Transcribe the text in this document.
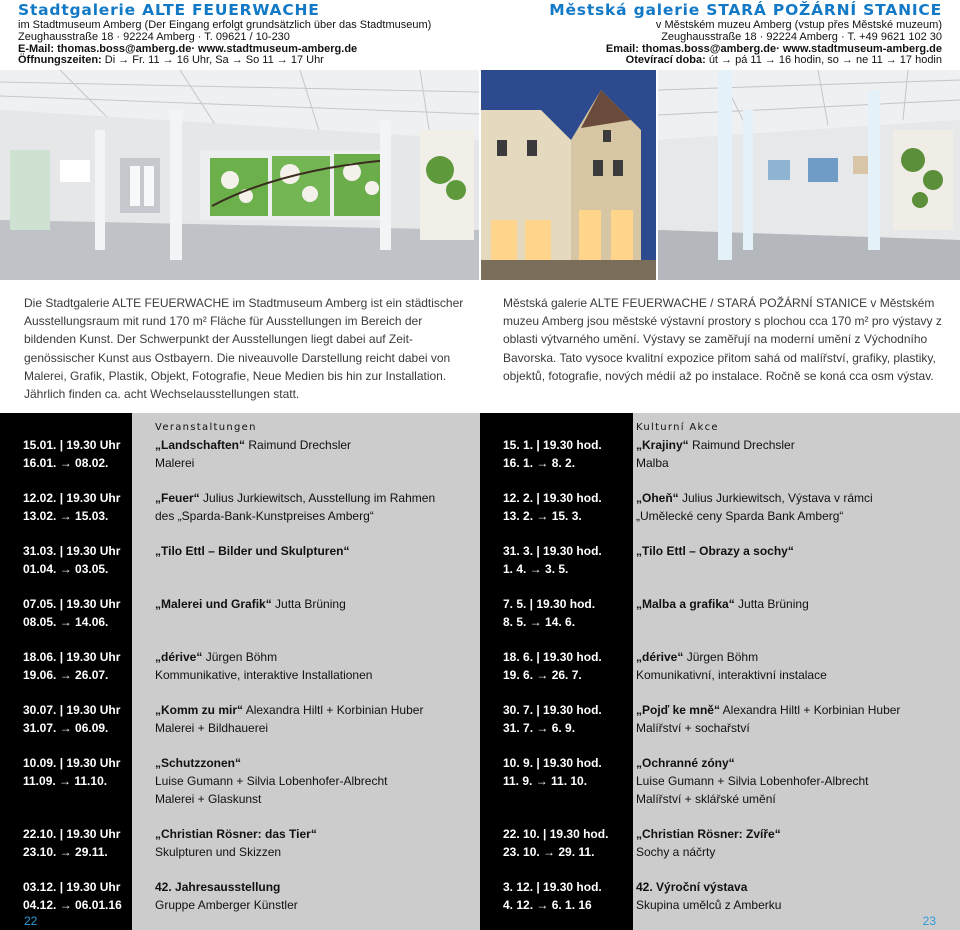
Stadtgalerie ALTE FEUERWACHE
im Stadtmuseum Amberg (Der Eingang erfolgt grundsätzlich über das Stadtmuseum)
Zeughausstraße 18 · 92224 Amberg · T. 09621 / 10-230
E-Mail: thomas.boss@amberg.de· www.stadtmuseum-amberg.de
Öffnungszeiten: Di → Fr. 11 → 16 Uhr, Sa → So 11 → 17 Uhr
Městská galerie STARÁ POŽÁRNÍ STANICE
v Městském muzeu Amberg (vstup přes Městské muzeum)
Zeughausstraße 18 · 92224 Amberg · T. +49 9621 102 30
Email: thomas.boss@amberg.de· www.stadtmuseum-amberg.de
Otevírací doba: út → pá 11 → 16 hodin, so → ne 11 → 17 hodin
Die Stadtgalerie ALTE FEUERWACHE im Stadtmuseum Amberg ist ein städtischer Ausstellungsraum mit rund 170 m² Fläche für Ausstellungen im Bereich der bildenden Kunst. Der Schwerpunkt der Ausstellungen liegt dabei auf Zeitgenössischer Kunst aus Ostbayern. Die niveauvolle Darstellung reicht dabei von Malerei, Grafik, Plastik, Objekt, Fotografie, Neue Medien bis hin zur Installation. Jährlich finden ca. acht Wechselausstellungen statt.
Městská galerie ALTE FEUERWACHE / STARÁ POŽÁRNÍ STANICE v Městském muzeu Amberg jsou městské výstavní prostory s plochou cca 170 m² pro výstavy z oblasti výtvarného umění. Výstavy se zaměřují na moderní umění z Východního Bavorska. Tato vysoce kvalitní expozice přitom sahá od malířství, grafiky, plastiky, objektů, fotografie, nových médií až po instalace. Ročně se koná cca osm výstav.
Veranstaltungen
15.01. | 19.30 Uhr	„Landschaften“ Raimund Drechsler
16.01. → 08.02.	Malerei
12.02. | 19.30 Uhr	„Feuer“ Julius Jurkiewitsch, Ausstellung im Rahmen
13.02. → 15.03.	des „Sparda-Bank-Kunstpreises Amberg“
31.03. | 19.30 Uhr	„Tilo Ettl – Bilder und Skulpturen“
01.04. → 03.05.
07.05. | 19.30 Uhr	„Malerei und Grafik“ Jutta Brüning
08.05. → 14.06.
18.06. | 19.30 Uhr	„dérive“ Jürgen Böhm
19.06. → 26.07.	Kommunikative, interaktive Installationen
30.07. | 19.30 Uhr	„Komm zu mir“ Alexandra Hiltl + Korbinian Huber
31.07. → 06.09.	Malerei + Bildhauerei
10.09. | 19.30 Uhr	„Schutzzonen“
11.09. → 11.10.	Luise Gumann + Silvia Lobenhofer-Albrecht
Malerei + Glaskunst
22.10. | 19.30 Uhr	„Christian Rösner: das Tier“
23.10. → 29.11.	Skulpturen und Skizzen
03.12. | 19.30 Uhr	42. Jahresausstellung
04.12. → 06.01.16	Gruppe Amberger Künstler
22
Kulturní Akce
15. 1. | 19.30 hod.	„Krajiny“ Raimund Drechsler
16. 1. → 8. 2.	Malba
12. 2. | 19.30 hod.	„Oheň“ Julius Jurkiewitsch, Výstava v rámci
13. 2. → 15. 3.	„Umělecké ceny Sparda Bank Amberg“
31. 3. | 19.30 hod.	„Tilo Ettl – Obrazy a sochy“
1. 4. → 3. 5.
7. 5. | 19.30 hod.	„Malba a grafika“ Jutta Brüning
8. 5. → 14. 6.
18. 6. | 19.30 hod.	„dérive“ Jürgen Böhm
19. 6. → 26. 7.	Komunikativní, interaktivní instalace
30. 7. | 19.30 hod.	„Pojď ke mně“ Alexandra Hiltl + Korbinian Huber
31. 7. → 6. 9.	Malířství + sochařství
10. 9. | 19.30 hod.	„Ochranné zóny“
11. 9. → 11. 10.	Luise Gumann + Silvia Lobenhofer-Albrecht
Malířství + sklářské umění
22. 10. | 19.30 hod. „Christian Rösner: Zvíře“
23. 10. → 29. 11.	Sochy a náčrty
3. 12. | 19.30 hod.	42. Výroční výstava
4. 12. → 6. 1. 16	Skupina umělců z Amberku
23
